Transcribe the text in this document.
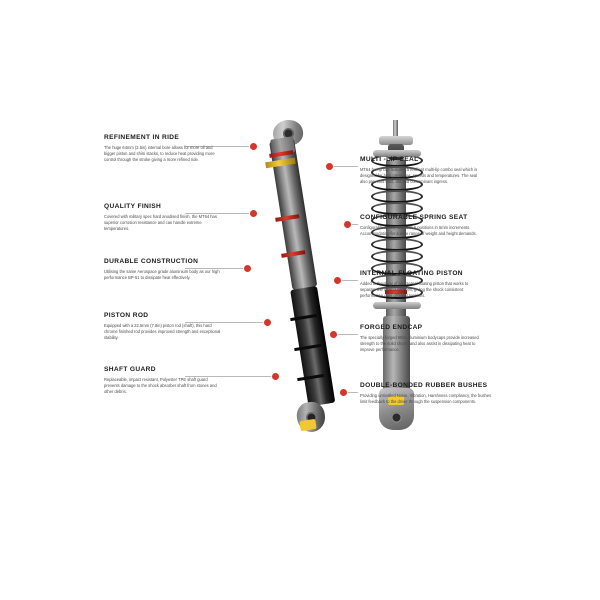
REFINEMENT IN RIDE
The huge 64mm (2.5in) internal bore allows for more oil and bigger piston and shim stacks, to reduce heat providing more control through the stroke giving a more refined ride.
QUALITY FINISH
Covered with military spec hard anodised finish, the MT64 has superior corrosion resistance and can handle extreme temperatures.
DURABLE CONSTRUCTION
Utilising the same Aerospace grade aluminium body as our high performance BP-51 to dissipate heat effectively.
PISTON ROD
Equipped with a 22.5mm (7.8in) piston rod (shaft), this hard chrome finished rod provides improved strength and exceptional stability.
SHAFT GUARD
Replaceable, impact resistant, Polyester TPE shaft guard prevents damage to the shock absorber shaft from stones and other debris.
MULTI -LIP SEAL
MT64 bump cup features a resilient multi-lip combo seal which is designed for high pressures, speeds and temperatures. The seal also prevents dust, dirt and contaminant ingress.
CONFIGURABLE SPRING SEAT
Configurable spring seat with 6 positions in 5mm increments. Accommodating for a wide range of weight and height demands.
INTERNAL FLOATING PISTON
Added technology of an internal floating piston that works to separate the oil and nitrogen, giving the shock consistent performance over different tensions.
FORGED ENDCAP
The specially forged 6061 aluminium bodycaps provide increased strength to the solid shock, and also assist in dissipating heat to improve performance.
DOUBLE-BONDED RUBBER BUSHES
Providing unrivalled Noise, Vibration, Harshness compliancy, the bushes limit feedback to the driver through the suspension components.
